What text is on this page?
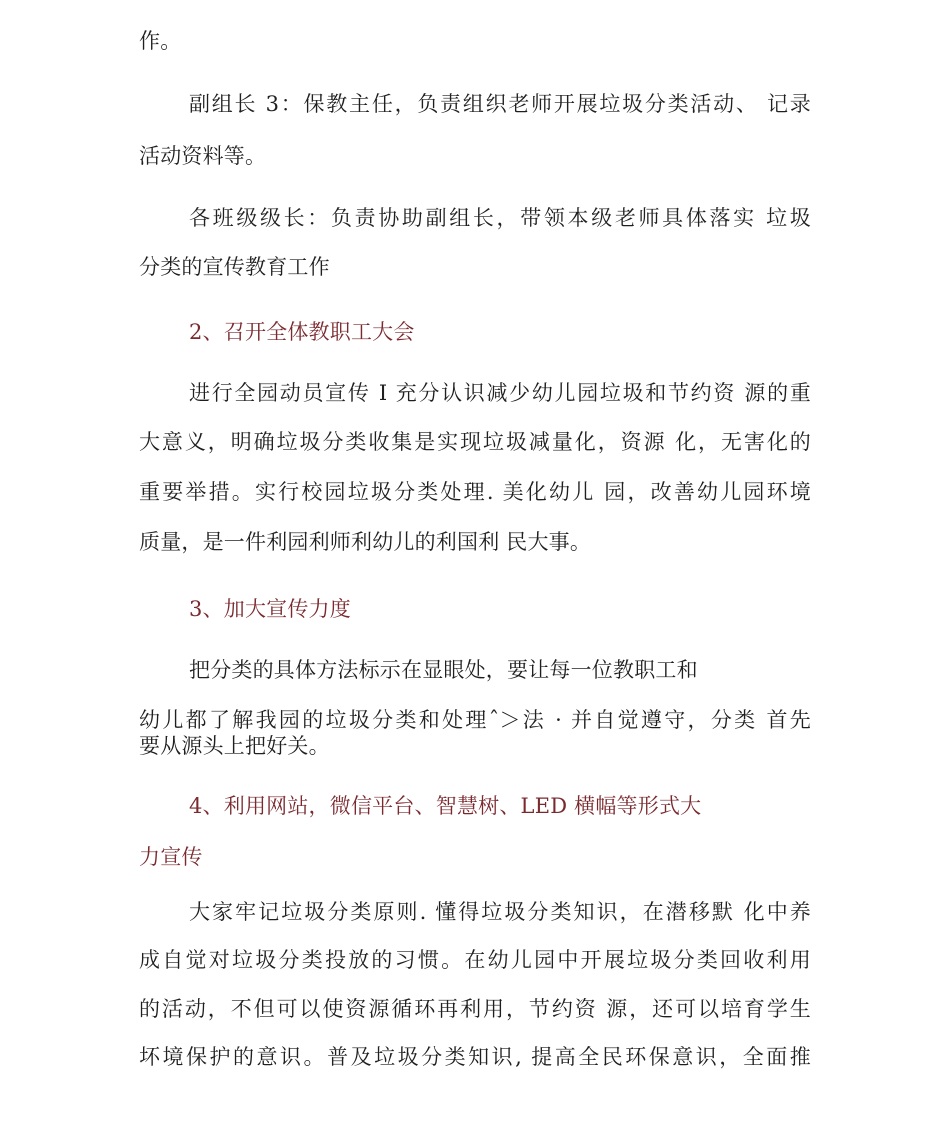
作。
副组长 3：保教主任，负责组织老师开展垃圾分类活动、 记录
活动资料等。
各班级级长：负责协助副组长，带领本级老师具体落实 垃圾
分类的宣传教育工作
2、召开全体教职工大会
进行全园动员宣传 I 充分认识减少幼儿园垃圾和节约资 源的重
大意义，明确垃圾分类收集是实现垃圾减量化，资源 化，无害化的
重要举措。实行校园垃圾分类处理. 美化幼儿 园，改善幼儿园环境
质量，是一件利园利师利幼儿的利国利 民大事。
3、加大宣传力度
把分类的具体方法标示在显眼处，要让每一位教职工和
幼儿都了解我园的垃圾分类和处理ˆ＞法 · 并自觉遵守，分类 首先
要从源头上把好关。
4、利用网站，微信平台、智慧树、LED 横幅等形式大
力宣传
大家牢记垃圾分类原则. 懂得垃圾分类知识，在潜移默 化中养
成自觉对垃圾分类投放的习惯。在幼儿园中开展垃圾分类回收利用
的活动，不但可以使资源循环再利用，节约资 源，还可以培育学生
坏境保护的意识。普及垃圾分类知识, 提高全民环保意识，全面推
